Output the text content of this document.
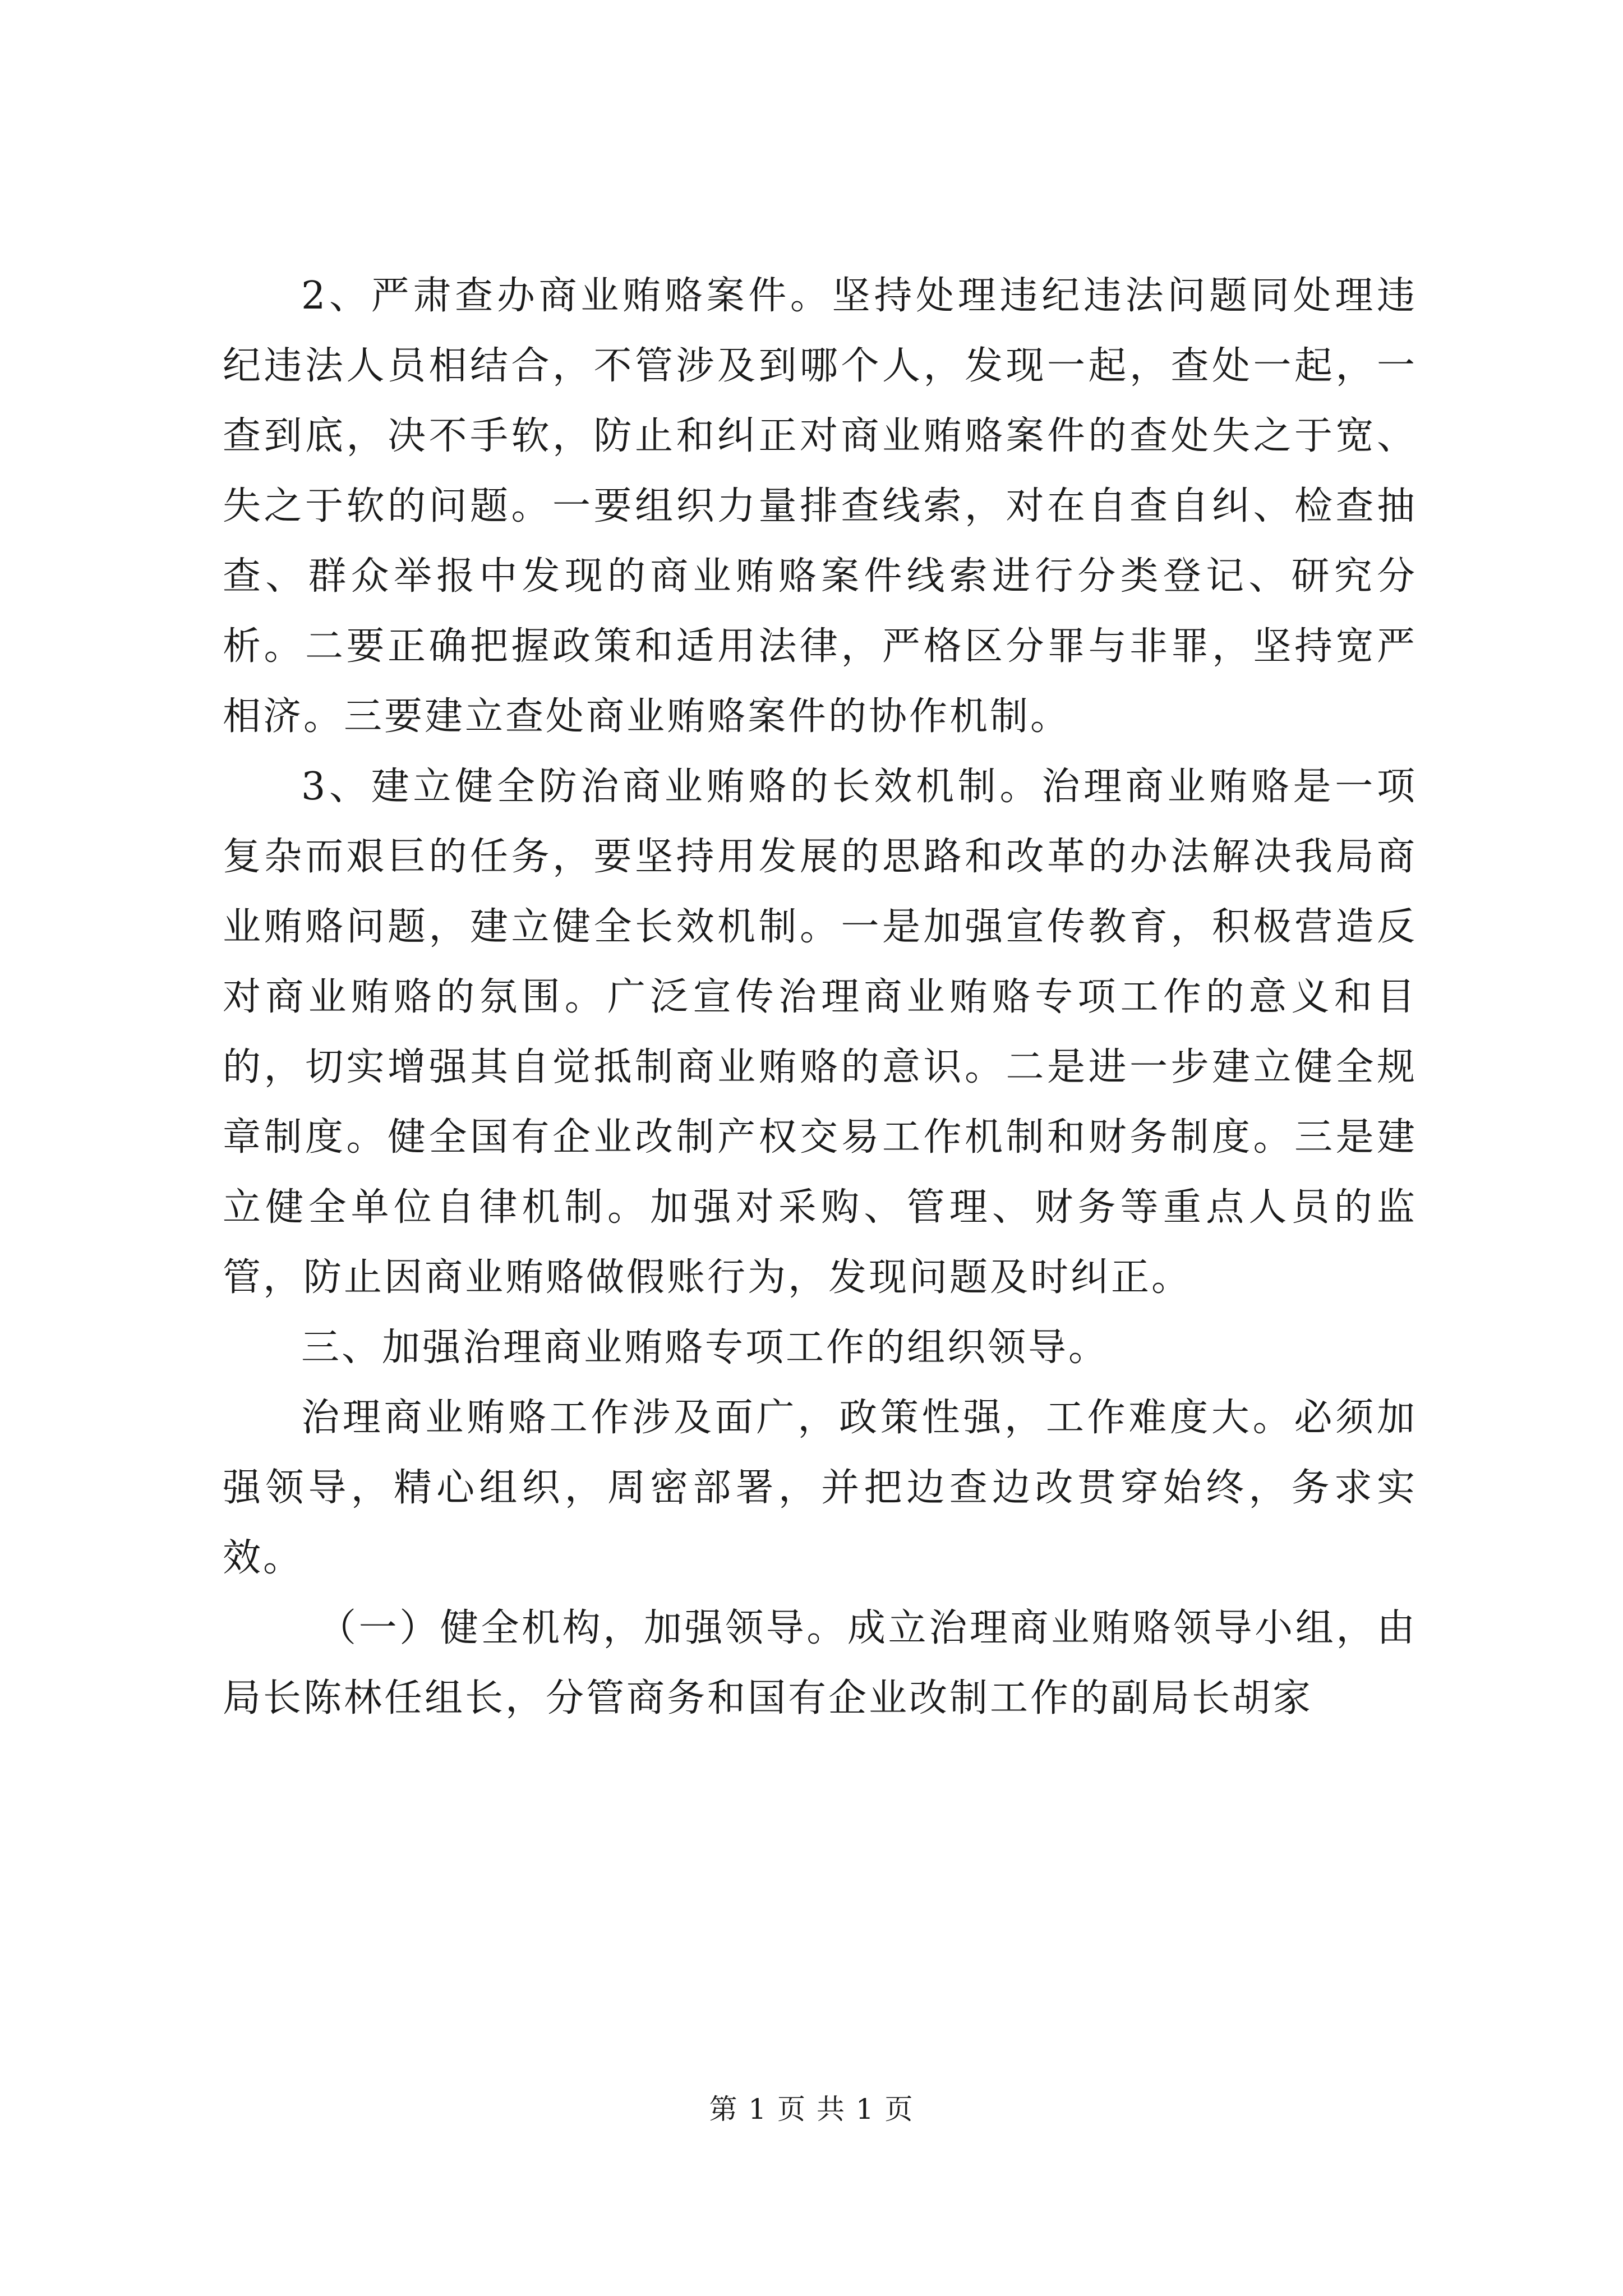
2、严肃查办商业贿赂案件。坚持处理违纪违法问题同处理违纪违法人员相结合，不管涉及到哪个人，发现一起，查处一起，一查到底，决不手软，防止和纠正对商业贿赂案件的查处失之于宽、失之于软的问题。一要组织力量排查线索，对在自查自纠、检查抽查、群众举报中发现的商业贿赂案件线索进行分类登记、研究分析。二要正确把握政策和适用法律，严格区分罪与非罪，坚持宽严相济。三要建立查处商业贿赂案件的协作机制。

3、建立健全防治商业贿赂的长效机制。治理商业贿赂是一项复杂而艰巨的任务，要坚持用发展的思路和改革的办法解决我局商业贿赂问题，建立健全长效机制。一是加强宣传教育，积极营造反对商业贿赂的氛围。广泛宣传治理商业贿赂专项工作的意义和目的，切实增强其自觉抵制商业贿赂的意识。二是进一步建立健全规章制度。健全国有企业改制产权交易工作机制和财务制度。三是建立健全单位自律机制。加强对采购、管理、财务等重点人员的监管，防止因商业贿赂做假账行为，发现问题及时纠正。

三、加强治理商业贿赂专项工作的组织领导。

治理商业贿赂工作涉及面广，政策性强，工作难度大。必须加强领导，精心组织，周密部署，并把边查边改贯穿始终，务求实效。

（一）健全机构，加强领导。成立治理商业贿赂领导小组，由局长陈林任组长，分管商务和国有企业改制工作的副局长胡家

第 1 页 共 1 页
